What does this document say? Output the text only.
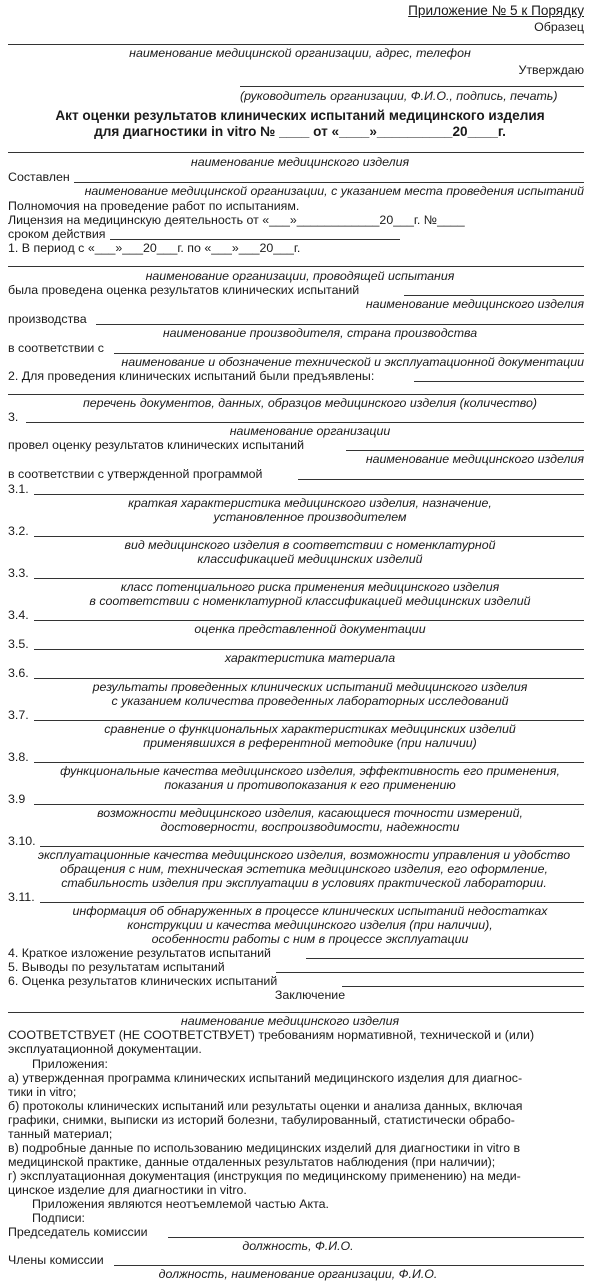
Приложение № 5 к Порядку
Образец
наименование медицинской организации, адрес, телефон
Утверждаю
(руководитель организации, Ф.И.О., подпись, печать)
Акт оценки результатов клинических испытаний медицинского изделия
для диагностики in vitro № ____ от «____»__________20____г.
наименование медицинского изделия
Составлен
наименование медицинской организации, с указанием места проведения испытаний
Полномочия на проведение работ по испытаниям.
Лицензия на медицинскую деятельность от «___»____________20___г. №____
сроком действия
1. В период с «___»___20___г. по «___»___20___г.
наименование организации, проводящей испытания
была проведена оценка результатов клинических испытаний
наименование медицинского изделия
производства
наименование производителя, страна производства
в соответствии с
наименование и обозначение технической и эксплуатационной документации
2. Для проведения клинических испытаний были предъявлены:
перечень документов, данных, образцов медицинского изделия (количество)
3.
наименование организации
провел оценку результатов клинических испытаний
наименование медицинского изделия
в соответствии с утвержденной программой
3.1.
краткая характеристика медицинского изделия, назначение,
установленное производителем
3.2.
вид медицинского изделия в соответствии с номенклатурной
классификацией медицинских изделий
3.3.
класс потенциального риска применения медицинского изделия
в соответствии с номенклатурной классификацией медицинских изделий
3.4.
оценка представленной документации
3.5.
характеристика материала
3.6.
результаты проведенных клинических испытаний медицинского изделия
с указанием количества проведенных лабораторных исследований
3.7.
сравнение о функциональных характеристиках медицинских изделий
применявшихся в референтной методике (при наличии)
3.8.
функциональные качества медицинского изделия, эффективность его применения,
показания и противопоказания к его применению
3.9
возможности медицинского изделия, касающиеся точности измерений,
достоверности, воспроизводимости, надежности
3.10.
эксплуатационные качества медицинского изделия, возможности управления и удобство
обращения с ним, техническая эстетика медицинского изделия, его оформление,
стабильность изделия при эксплуатации в условиях практической лаборатории.
3.11.
информация об обнаруженных в процессе клинических испытаний недостатках
конструкции и качества медицинского изделия (при наличии),
особенности работы с ним в процессе эксплуатации
4. Краткое изложение результатов испытаний
5. Выводы по результатам испытаний
6. Оценка результатов клинических испытаний
Заключение
наименование медицинского изделия
СООТВЕТСТВУЕТ (НЕ СООТВЕТСТВУЕТ) требованиям нормативной, технической и (или)
эксплуатационной документации.
Приложения:
а) утвержденная программа клинических испытаний медицинского изделия для диагнос-
тики in vitro;
б) протоколы клинических испытаний или результаты оценки и анализа данных, включая
графики, снимки, выписки из историй болезни, табулированный, статистически обрабо-
танный материал;
в) подробные данные по использованию медицинских изделий для диагностики in vitro в
медицинской практике, данные отдаленных результатов наблюдения (при наличии);
г) эксплуатационная документация (инструкция по медицинскому применению) на меди-
цинское изделие для диагностики in vitro.
Приложения являются неотъемлемой частью Акта.
Подписи:
Председатель комиссии
должность, Ф.И.О.
Члены комиссии
должность, наименование организации, Ф.И.О.
